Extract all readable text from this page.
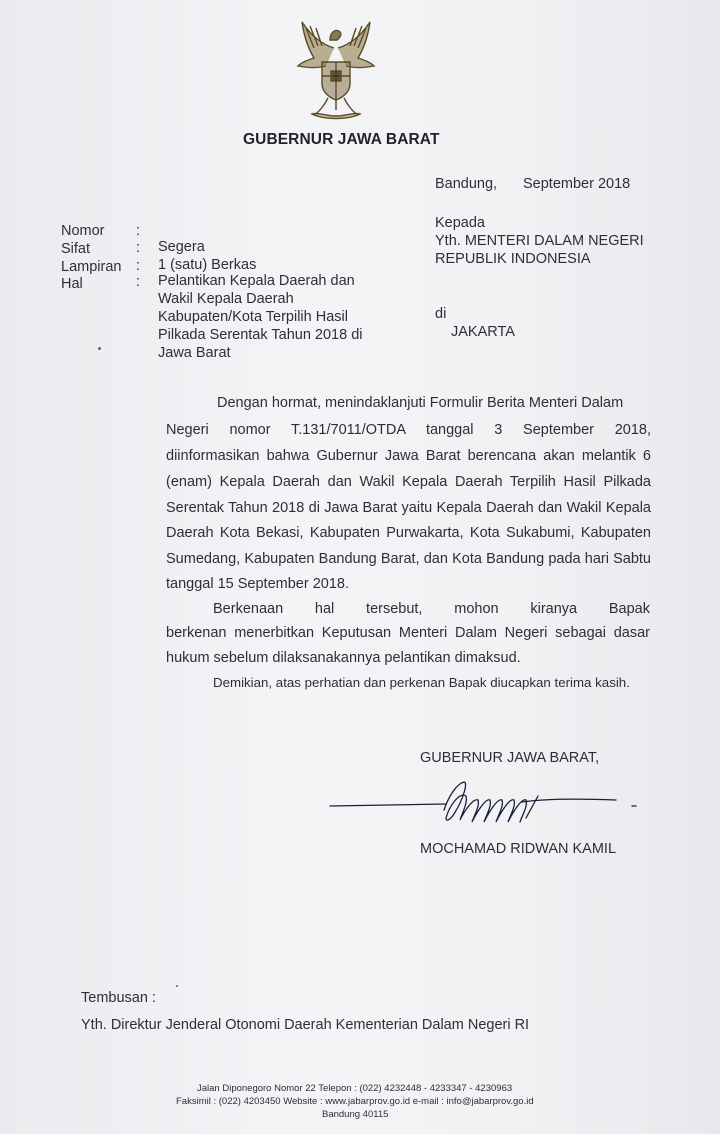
GUBERNUR JAWA BARAT
Bandung, September 2018
Kepada
Yth. MENTERI DALAM NEGERI
REPUBLIK INDONESIA
di
JAKARTA
Nomor :
Sifat	: Segera
Lampiran : 1 (satu) Berkas
Hal	: Pelantikan Kepala Daerah dan
Wakil Kepala Daerah
Kabupaten/Kota Terpilih Hasil
Pilkada Serentak Tahun 2018 di
Jawa Barat
Dengan hormat, menindaklanjuti Formulir Berita Menteri Dalam
Negeri nomor T.131/7011/OTDA tanggal 3 September 2018,
diinformasikan bahwa Gubernur Jawa Barat berencana akan melantik 6
(enam) Kepala Daerah dan Wakil Kepala Daerah Terpilih Hasil Pilkada
Serentak Tahun 2018 di Jawa Barat yaitu Kepala Daerah dan Wakil Kepala
Daerah Kota Bekasi, Kabupaten Purwakarta, Kota Sukabumi, Kabupaten
Sumedang, Kabupaten Bandung Barat, dan Kota Bandung pada hari Sabtu
tanggal 15 September 2018.
Berkenaan hal tersebut, mohon kiranya Bapak
berkenan menerbitkan Keputusan Menteri Dalam Negeri sebagai dasar
hukum sebelum dilaksanakannya pelantikan dimaksud.
Demikian, atas perhatian dan perkenan Bapak diucapkan terima kasih.
GUBERNUR JAWA BARAT,
MOCHAMAD RIDWAN KAMIL
Tembusan :
Yth. Direktur Jenderal Otonomi Daerah Kementerian Dalam Negeri RI
Jalan Diponegoro Nomor 22 Telepon : (022) 4232448 - 4233347 - 4230963
Faksimil : (022) 4203450 Website : www.jabarprov.go.id e-mail : info@jabarprov.go.id
Bandung 40115
